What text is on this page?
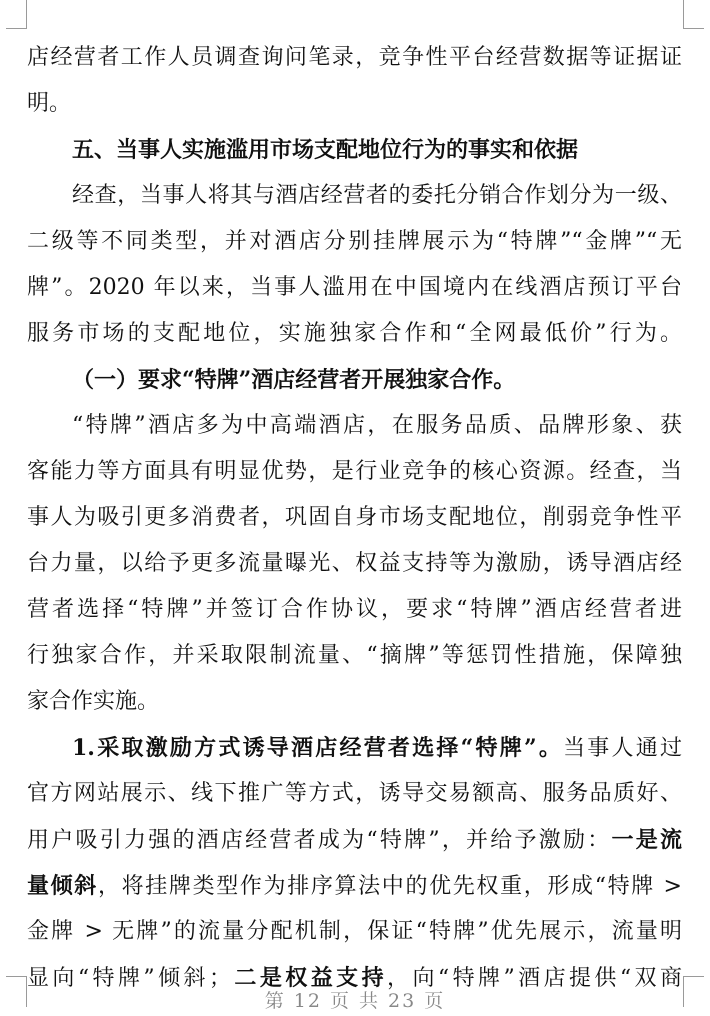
店经营者工作人员调查询问笔录，竞争性平台经营数据等证据证
明。
五、当事人实施滥用市场支配地位行为的事实和依据
经查，当事人将其与酒店经营者的委托分销合作划分为一级、
二级等不同类型，并对酒店分别挂牌展示为“特牌”“金牌”“无
牌”。2020 年以来，当事人滥用在中国境内在线酒店预订平台
服务市场的支配地位，实施独家合作和“全网最低价”行为。
（一）要求“特牌”酒店经营者开展独家合作。
“特牌”酒店多为中高端酒店，在服务品质、品牌形象、获
客能力等方面具有明显优势，是行业竞争的核心资源。经查，当
事人为吸引更多消费者，巩固自身市场支配地位，削弱竞争性平
台力量，以给予更多流量曝光、权益支持等为激励，诱导酒店经
营者选择“特牌”并签订合作协议，要求“特牌”酒店经营者进
行独家合作，并采取限制流量、“摘牌”等惩罚性措施，保障独
家合作实施。
1.采取激励方式诱导酒店经营者选择“特牌”。当事人通过
官方网站展示、线下推广等方式，诱导交易额高、服务品质好、
用户吸引力强的酒店经营者成为“特牌”，并给予激励：一是流
量倾斜，将挂牌类型作为排序算法中的优先权重，形成“特牌 >
金牌 > 无牌”的流量分配机制，保证“特牌”优先展示，流量明
显向“特牌”倾斜；二是权益支持，向“特牌”酒店提供“双商
第 12 页 共 23 页
